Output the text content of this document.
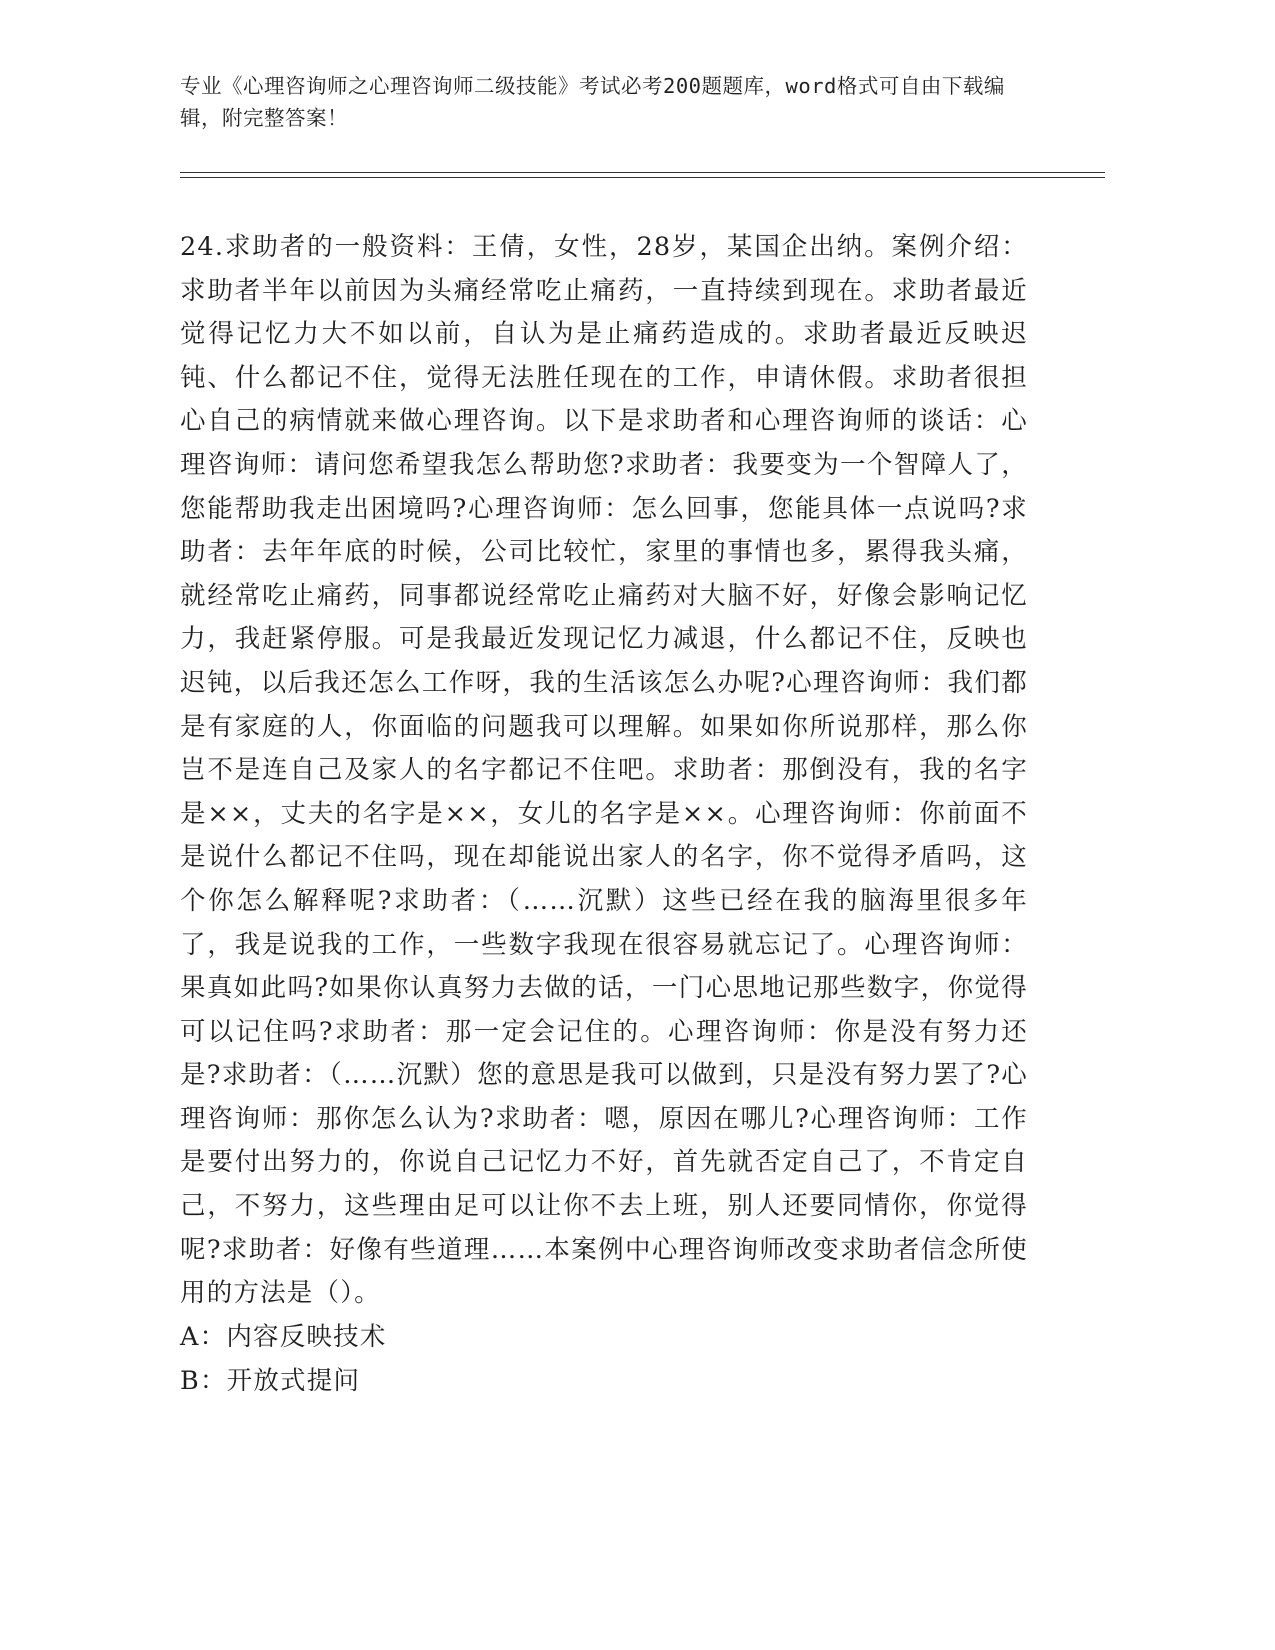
专业《心理咨询师之心理咨询师二级技能》考试必考200题题库，word格式可自由下载编辑，附完整答案！
24.求助者的一般资料：王倩，女性，28岁，某国企出纳。案例介绍：求助者半年以前因为头痛经常吃止痛药，一直持续到现在。求助者最近觉得记忆力大不如以前，自认为是止痛药造成的。求助者最近反映迟钝、什么都记不住，觉得无法胜任现在的工作，申请休假。求助者很担心自己的病情就来做心理咨询。以下是求助者和心理咨询师的谈话：心理咨询师：请问您希望我怎么帮助您?求助者：我要变为一个智障人了，您能帮助我走出困境吗?心理咨询师：怎么回事，您能具体一点说吗?求助者：去年年底的时候，公司比较忙，家里的事情也多，累得我头痛，就经常吃止痛药，同事都说经常吃止痛药对大脑不好，好像会影响记忆力，我赶紧停服。可是我最近发现记忆力减退，什么都记不住，反映也迟钝，以后我还怎么工作呀，我的生活该怎么办呢?心理咨询师：我们都是有家庭的人，你面临的问题我可以理解。如果如你所说那样，那么你岂不是连自己及家人的名字都记不住吧。求助者：那倒没有，我的名字是××，丈夫的名字是××，女儿的名字是××。心理咨询师：你前面不是说什么都记不住吗，现在却能说出家人的名字，你不觉得矛盾吗，这个你怎么解释呢?求助者：（……沉默）这些已经在我的脑海里很多年了，我是说我的工作，一些数字我现在很容易就忘记了。心理咨询师：果真如此吗?如果你认真努力去做的话，一门心思地记那些数字，你觉得可以记住吗?求助者：那一定会记住的。心理咨询师：你是没有努力还是?求助者：（……沉默）您的意思是我可以做到，只是没有努力罢了?心理咨询师：那你怎么认为?求助者：嗯，原因在哪儿?心理咨询师：工作是要付出努力的，你说自己记忆力不好，首先就否定自己了，不肯定自己，不努力，这些理由足可以让你不去上班，别人还要同情你，你觉得呢?求助者：好像有些道理……本案例中心理咨询师改变求助者信念所使用的方法是（）。
A：内容反映技术
B：开放式提问
